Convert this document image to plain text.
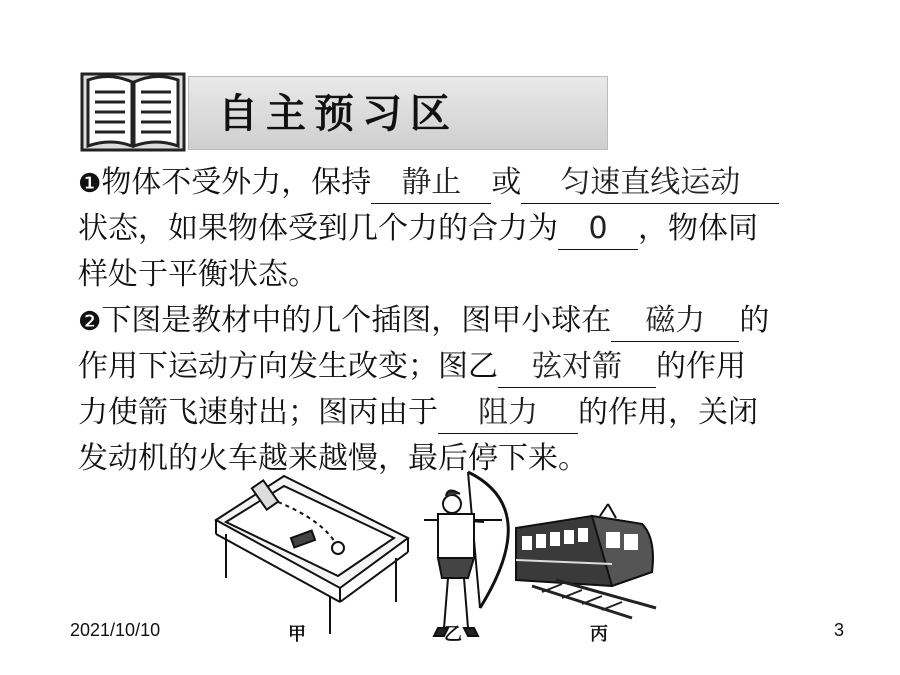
自主预习区
❶物体不受外力，保持 静止 或 匀速直线运动
状态，如果物体受到几个力的合力为 0 ，物体同
样处于平衡状态。
❷下图是教材中的几个插图，图甲小球在 磁力 的
作用下运动方向发生改变；图乙 弦对箭 的作用
力使箭飞速射出；图丙由于 阻力 的作用，关闭
发动机的火车越来越慢，最后停下来。
甲	乙	丙
2021/10/10	3
